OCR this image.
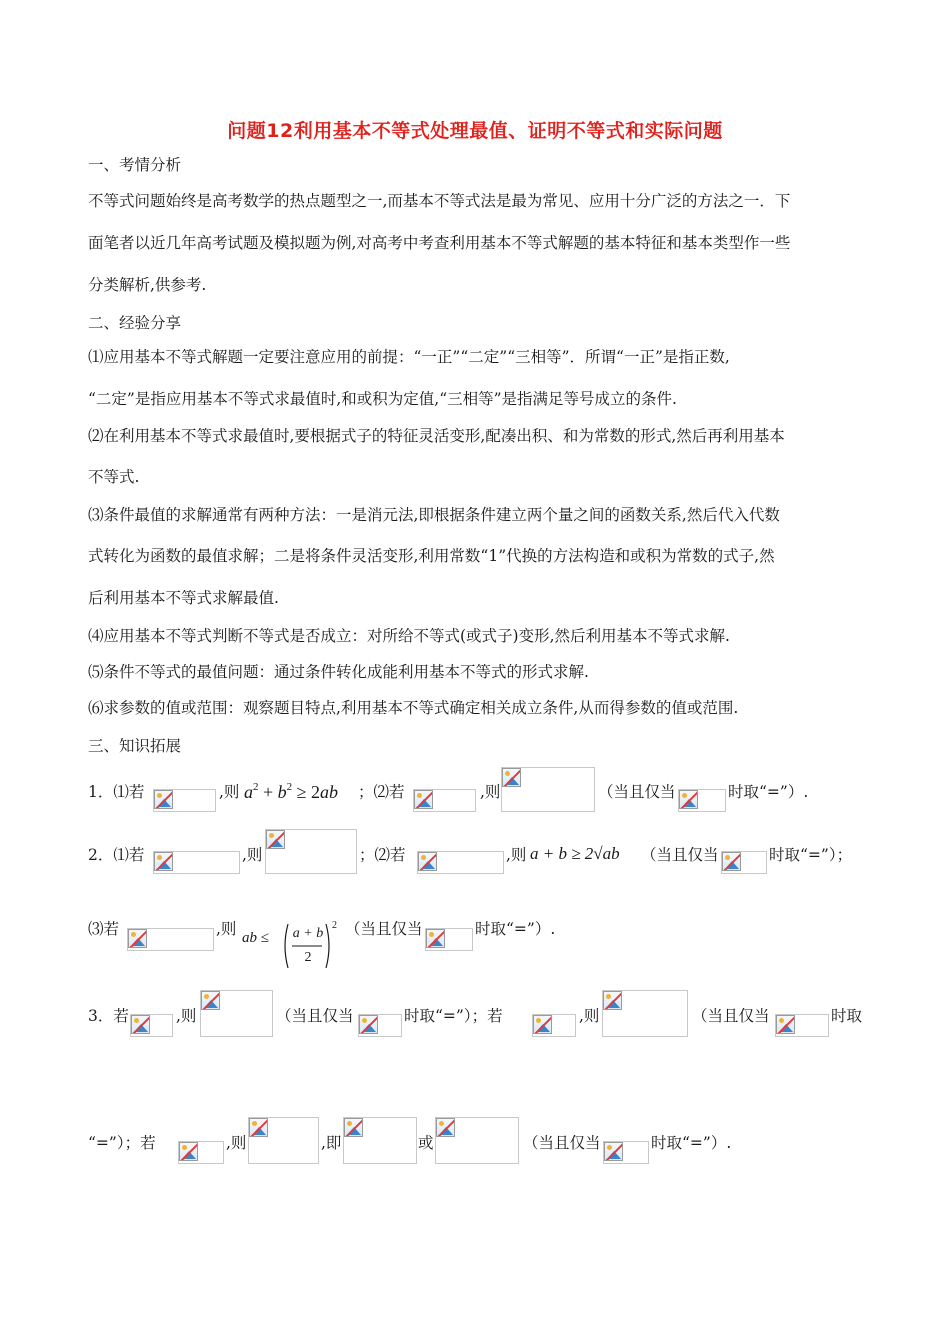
问题12利用基本不等式处理最值、证明不等式和实际问题
一、考情分析
不等式问题始终是高考数学的热点题型之一,而基本不等式法是最为常见、应用十分广泛的方法之一．下
面笔者以近几年高考试题及模拟题为例,对高考中考查利用基本不等式解题的基本特征和基本类型作一些
分类解析,供参考.
二、经验分享
⑴应用基本不等式解题一定要注意应用的前提：“一正”“二定”“三相等”．所谓“一正”是指正数,
“二定”是指应用基本不等式求最值时,和或积为定值,“三相等”是指满足等号成立的条件.
⑵在利用基本不等式求最值时,要根据式子的特征灵活变形,配凑出积、和为常数的形式,然后再利用基本
不等式.
⑶条件最值的求解通常有两种方法：一是消元法,即根据条件建立两个量之间的函数关系,然后代入代数
式转化为函数的最值求解；二是将条件灵活变形,利用常数“1”代换的方法构造和或积为常数的式子,然
后利用基本不等式求解最值.
⑷应用基本不等式判断不等式是否成立：对所给不等式(或式子)变形,然后利用基本不等式求解.
⑸条件不等式的最值问题：通过条件转化成能利用基本不等式的形式求解.
⑹求参数的值或范围：观察题目特点,利用基本不等式确定相关成立条件,从而得参数的值或范围.
三、知识拓展
1．⑴若	,则 $a^2 + b^2 \ge 2ab$ ；⑵若	,则	（当且仅当	时取“=”）.
2．⑴若	,则	；⑵若	,则 a + b ≥ 2√ab （当且仅当	时取“=”）；
⑶若	,则 ab ≤ a + b
2
2 （当且仅当	时取“=”）.
3．若	,则	（当且仅当	时取“=”）；若	,则	（当且仅当	时取
“=”）；若	,则	,即	或	（当且仅当	时取“=”）.
